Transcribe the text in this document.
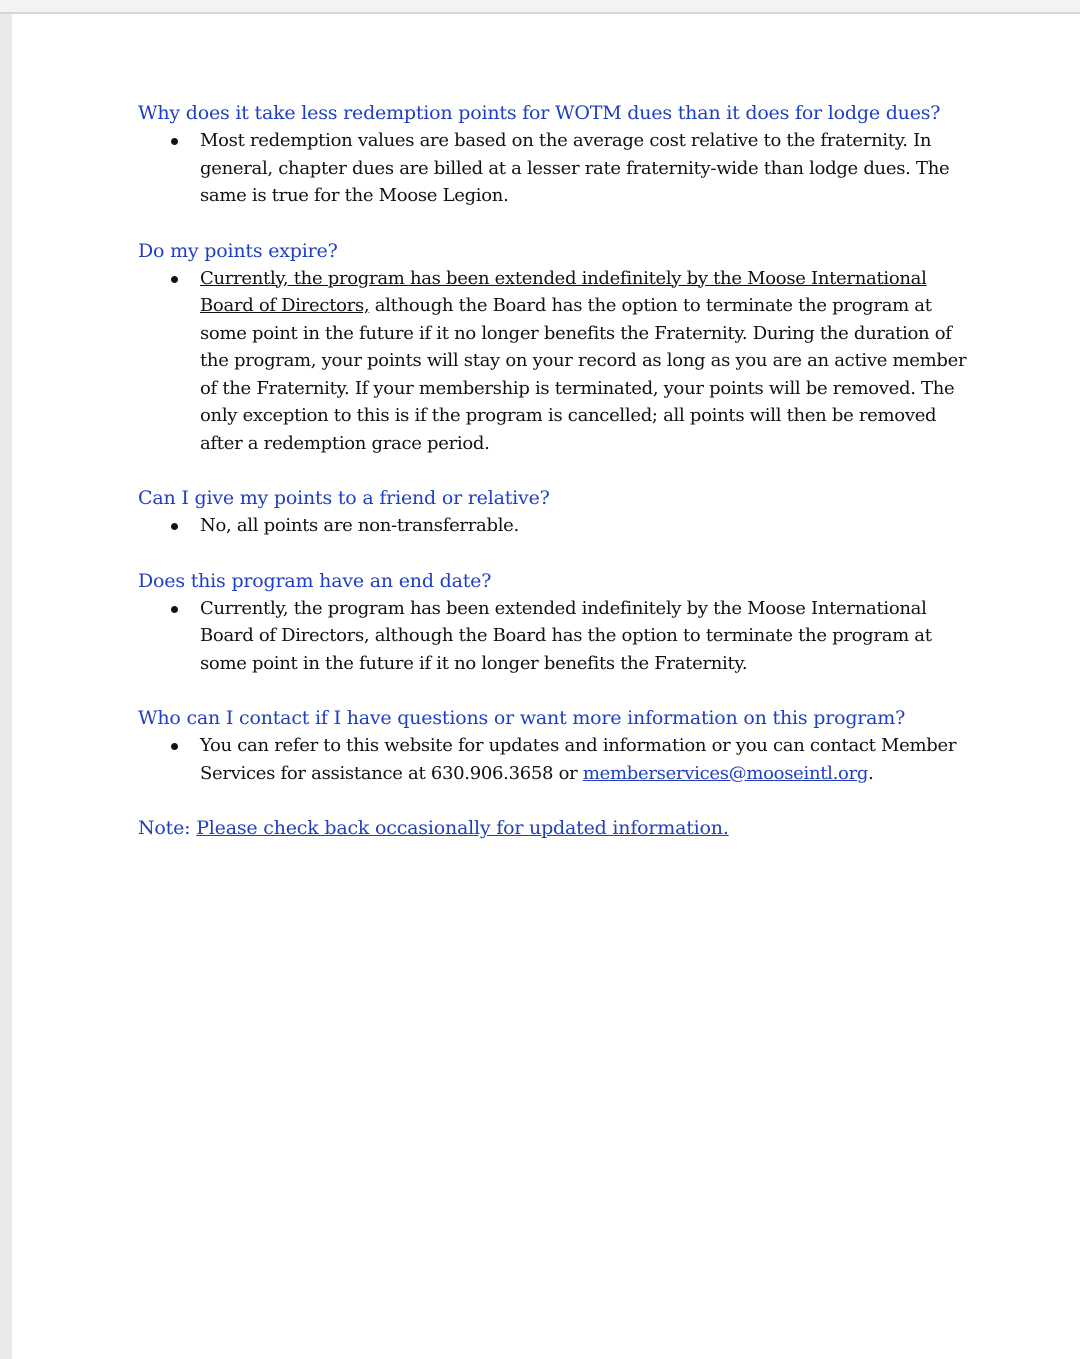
Why does it take less redemption points for WOTM dues than it does for lodge dues?

Most redemption values are based on the average cost relative to the fraternity. In general, chapter dues are billed at a lesser rate fraternity-wide than lodge dues. The same is true for the Moose Legion.

Do my points expire?

Currently, the program has been extended indefinitely by the Moose International Board of Directors, although the Board has the option to terminate the program at some point in the future if it no longer benefits the Fraternity. During the duration of the program, your points will stay on your record as long as you are an active member of the Fraternity. If your membership is terminated, your points will be removed. The only exception to this is if the program is cancelled; all points will then be removed after a redemption grace period.

Can I give my points to a friend or relative?

No, all points are non-transferrable.

Does this program have an end date?

Currently, the program has been extended indefinitely by the Moose International Board of Directors, although the Board has the option to terminate the program at some point in the future if it no longer benefits the Fraternity.

Who can I contact if I have questions or want more information on this program?

You can refer to this website for updates and information or you can contact Member Services for assistance at 630.906.3658 or memberservices@mooseintl.org.
Note: Please check back occasionally for updated information.
